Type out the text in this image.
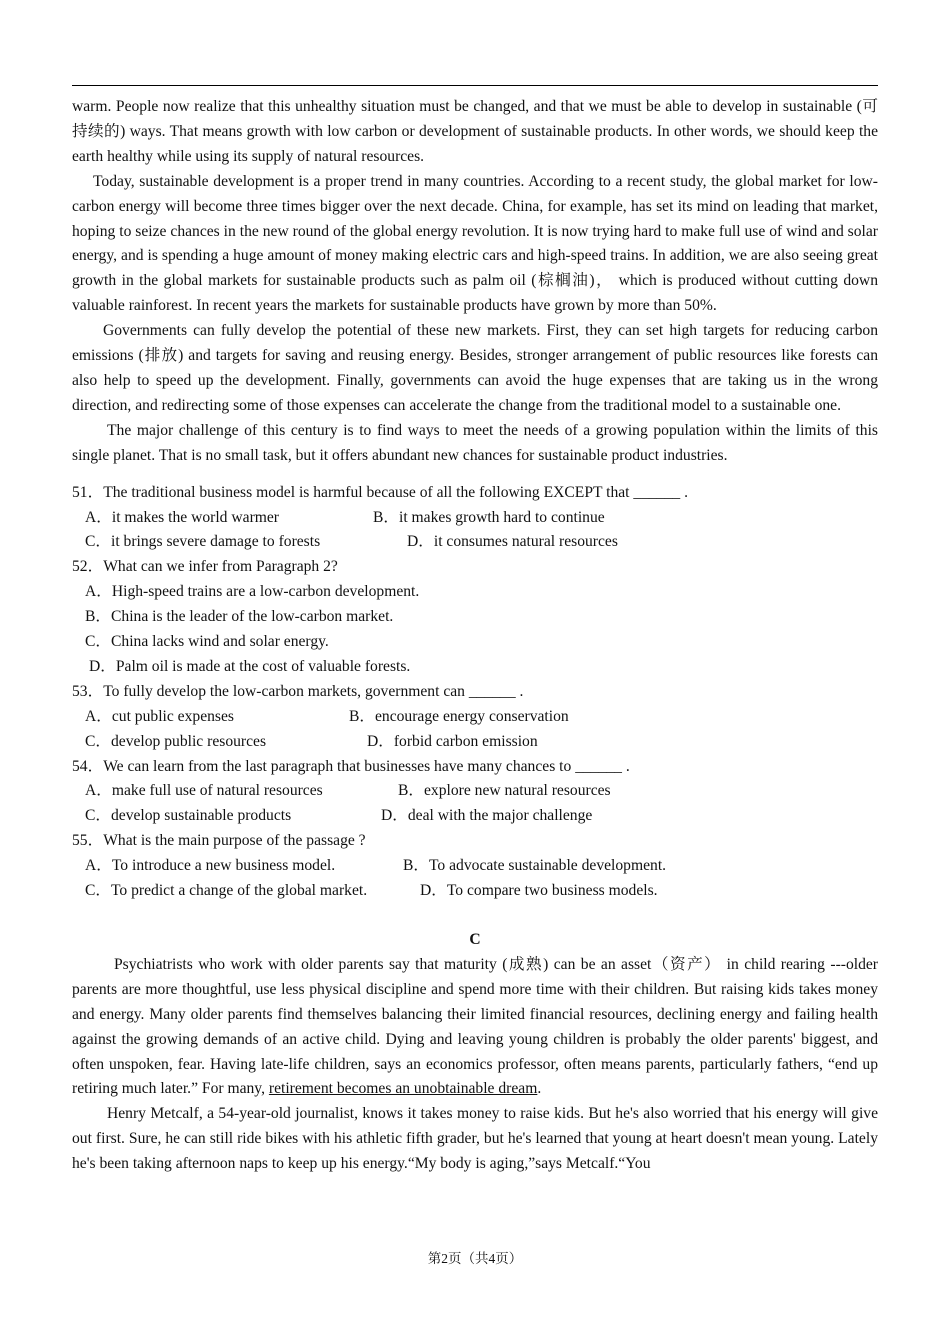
warm. People now realize that this unhealthy situation must be changed, and that we must be able to develop in sustainable (可持续的) ways. That means growth with low carbon or development of sustainable products. In other words, we should keep the earth healthy while using its supply of natural resources.

Today, sustainable development is a proper trend in many countries. According to a recent study, the global market for low-carbon energy will become three times bigger over the next decade. China, for example, has set its mind on leading that market, hoping to seize chances in the new round of the global energy revolution. It is now trying hard to make full use of wind and solar energy, and is spending a huge amount of money making electric cars and high-speed trains. In addition, we are also seeing great growth in the global markets for sustainable products such as palm oil (棕榈油)， which is produced without cutting down valuable rainforest. In recent years the markets for sustainable products have grown by more than 50%.

Governments can fully develop the potential of these new markets. First, they can set high targets for reducing carbon emissions (排放) and targets for saving and reusing energy. Besides, stronger arrangement of public resources like forests can also help to speed up the development. Finally, governments can avoid the huge expenses that are taking us in the wrong direction, and redirecting some of those expenses can accelerate the change from the traditional model to a sustainable one.

The major challenge of this century is to find ways to meet the needs of a growing population within the limits of this single planet. That is no small task, but it offers abundant new chances for sustainable product industries.

51．The traditional business model is harmful because of all the following EXCEPT that ______ .

A．it makes the world warmer	B．it makes growth hard to continue
C．it brings severe damage to forests	D．it consumes natural resources

52．What can we infer from Paragraph 2?

A．High-speed trains are a low-carbon development.

B．China is the leader of the low-carbon market.

C．China lacks wind and solar energy.

D．Palm oil is made at the cost of valuable forests.

53．To fully develop the low-carbon markets, government can ______ .

A．cut public expenses	B．encourage energy conservation
C．develop public resources	D．forbid carbon emission

54．We can learn from the last paragraph that businesses have many chances to ______ .

A．make full use of natural resources	B．explore new natural resources
C．develop sustainable products	D．deal with the major challenge

55．What is the main purpose of the passage ?

A．To introduce a new business model.	B．To advocate sustainable development.
C．To predict a change of the global market.	D．To compare two business models.

C

Psychiatrists who work with older parents say that maturity (成熟) can be an asset（资产） in child rearing ---older parents are more thoughtful, use less physical discipline and spend more time with their children. But raising kids takes money and energy. Many older parents find themselves balancing their limited financial resources, declining energy and failing health against the growing demands of an active child. Dying and leaving young children is probably the older parents' biggest, and often unspoken, fear. Having late-life children, says an economics professor, often means parents, particularly fathers, “end up retiring much later.” For many, retirement becomes an unobtainable dream.

Henry Metcalf, a 54-year-old journalist, knows it takes money to raise kids. But he's also worried that his energy will give out first. Sure, he can still ride bikes with his athletic fifth grader, but he's learned that young at heart doesn't mean young. Lately he's been taking afternoon naps to keep up his energy.“My body is aging,”says Metcalf.“You

第2页（共4页）
